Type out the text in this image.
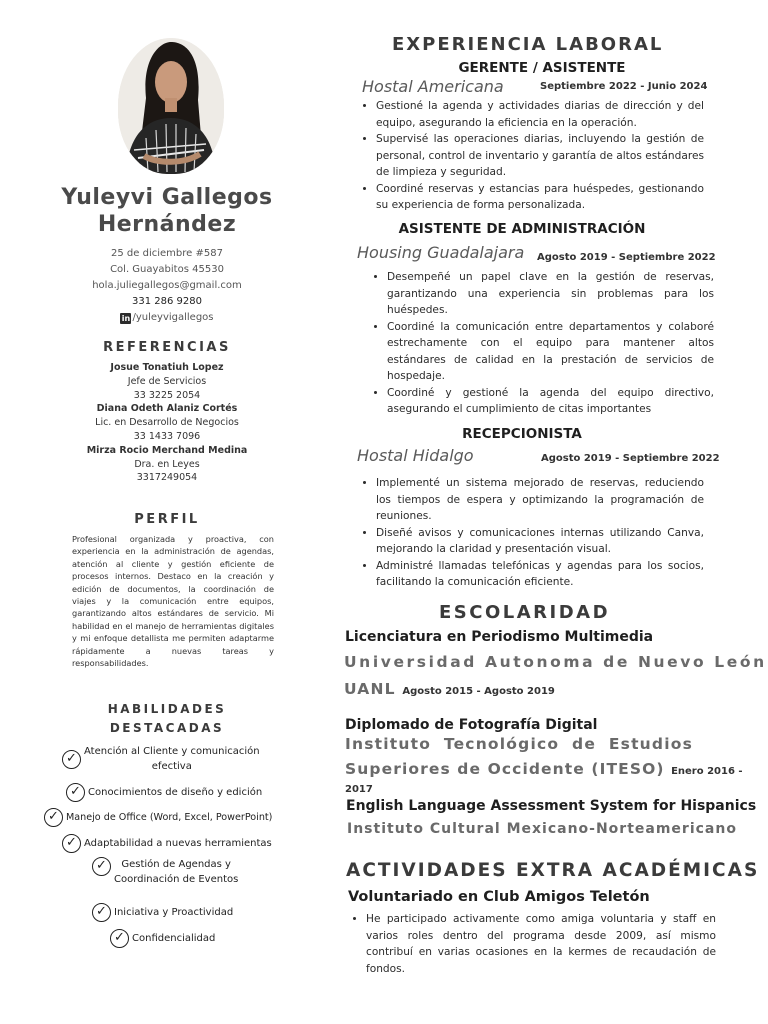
Yuleyvi Gallegos
Hernández
25 de diciembre #587
Col. Guayabitos 45530
hola.juliegallegos@gmail.com
331 286 9280
in /yuleyvigallegos
REFERENCIAS
Josue Tonatiuh Lopez
Jefe de Servicios
33 3225 2054
Diana Odeth Alaniz Cortés
Lic. en Desarrollo de Negocios
33 1433 7096
Mirza Rocio Merchand Medina
Dra. en Leyes
3317249054
PERFIL
Profesional organizada y proactiva, con experiencia en la administración de agendas, atención al cliente y gestión eficiente de procesos internos. Destaco en la creación y edición de documentos, la coordinación de viajes y la comunicación entre equipos, garantizando altos estándares de servicio. Mi habilidad en el manejo de herramientas digitales y mi enfoque detallista me permiten adaptarme rápidamente a nuevas tareas y responsabilidades.
HABILIDADES
DESTACADAS
✓ Atención al Cliente y comunicación
efectiva
✓ Conocimientos de diseño y edición
✓ Manejo de Office (Word, Excel, PowerPoint)
✓ Adaptabilidad a nuevas herramientas
✓ Gestión de Agendas y
Coordinación de Eventos
✓ Iniciativa y Proactividad
✓ Confidencialidad
EXPERIENCIA LABORAL
GERENTE / ASISTENTE
Hostal Americana	Septiembre 2022 - Junio 2024
• Gestioné la agenda y actividades diarias de dirección y del equipo, asegurando la eficiencia en la operación.
• Supervisé las operaciones diarias, incluyendo la gestión de personal, control de inventario y garantía de altos estándares de limpieza y seguridad.
• Coordiné reservas y estancias para huéspedes, gestionando su experiencia de forma personalizada.
ASISTENTE DE ADMINISTRACIÓN
Housing Guadalajara Agosto 2019 - Septiembre 2022
• Desempeñé un papel clave en la gestión de reservas, garantizando una experiencia sin problemas para los huéspedes.
• Coordiné la comunicación entre departamentos y colaboré estrechamente con el equipo para mantener altos estándares de calidad en la prestación de servicios de hospedaje.
• Coordiné y gestioné la agenda del equipo directivo, asegurando el cumplimiento de citas importantes
RECEPCIONISTA
Hostal Hidalgo	Agosto 2019 - Septiembre 2022
• Implementé un sistema mejorado de reservas, reduciendo los tiempos de espera y optimizando la programación de reuniones.
• Diseñé avisos y comunicaciones internas utilizando Canva, mejorando la claridad y presentación visual.
• Administré llamadas telefónicas y agendas para los socios, facilitando la comunicación eficiente.
ESCOLARIDAD
Licenciatura en Periodismo Multimedia
Universidad Autonoma de Nuevo León
UANL Agosto 2015 - Agosto 2019
Diplomado de Fotografía Digital
Instituto Tecnológico de Estudios
Superiores de Occidente (ITESO) Enero 2016 - 2017
English Language Assessment System for Hispanics
Instituto Cultural Mexicano-Norteamericano
ACTIVIDADES EXTRA ACADÉMICAS
Voluntariado en Club Amigos Teletón
• He participado activamente como amiga voluntaria y staff en varios roles dentro del programa desde 2009, así mismo contribuí en varias ocasiones en la kermes de recaudación de fondos.
